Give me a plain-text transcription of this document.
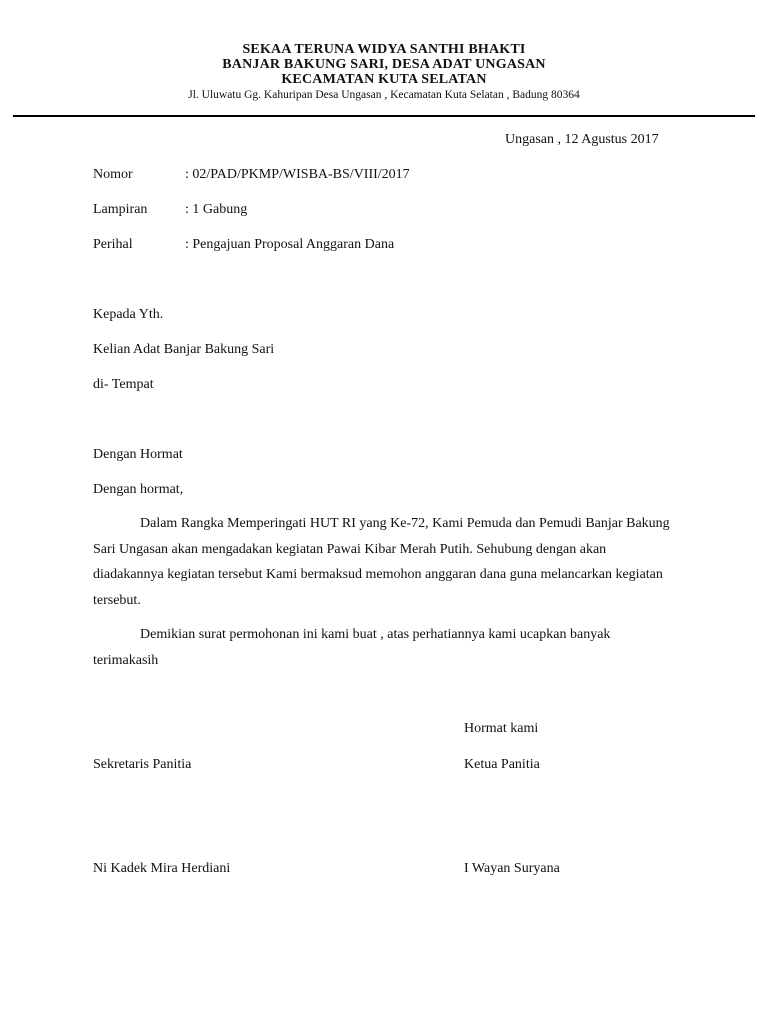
SEKAA TERUNA WIDYA SANTHI BHAKTI
BANJAR BAKUNG SARI, DESA ADAT UNGASAN
KECAMATAN KUTA SELATAN
Jl. Uluwatu Gg. Kahuripan Desa Ungasan , Kecamatan Kuta Selatan , Badung 80364
Ungasan , 12 Agustus 2017
Nomor	: 02/PAD/PKMP/WISBA-BS/VIII/2017
Lampiran	: 1 Gabung
Perihal	: Pengajuan Proposal Anggaran Dana
Kepada Yth.
Kelian Adat Banjar Bakung Sari
di- Tempat
Dengan Hormat
Dengan hormat,
Dalam Rangka Memperingati HUT RI yang Ke-72, Kami Pemuda dan Pemudi Banjar Bakung Sari Ungasan akan mengadakan kegiatan Pawai Kibar Merah Putih. Sehubung dengan akan diadakannya kegiatan tersebut Kami bermaksud memohon anggaran dana guna melancarkan kegiatan tersebut.
Demikian surat permohonan ini kami buat , atas perhatiannya kami ucapkan banyak terimakasih
Hormat kami
Sekretaris Panitia	Ketua Panitia
Ni Kadek Mira Herdiani	I Wayan Suryana
